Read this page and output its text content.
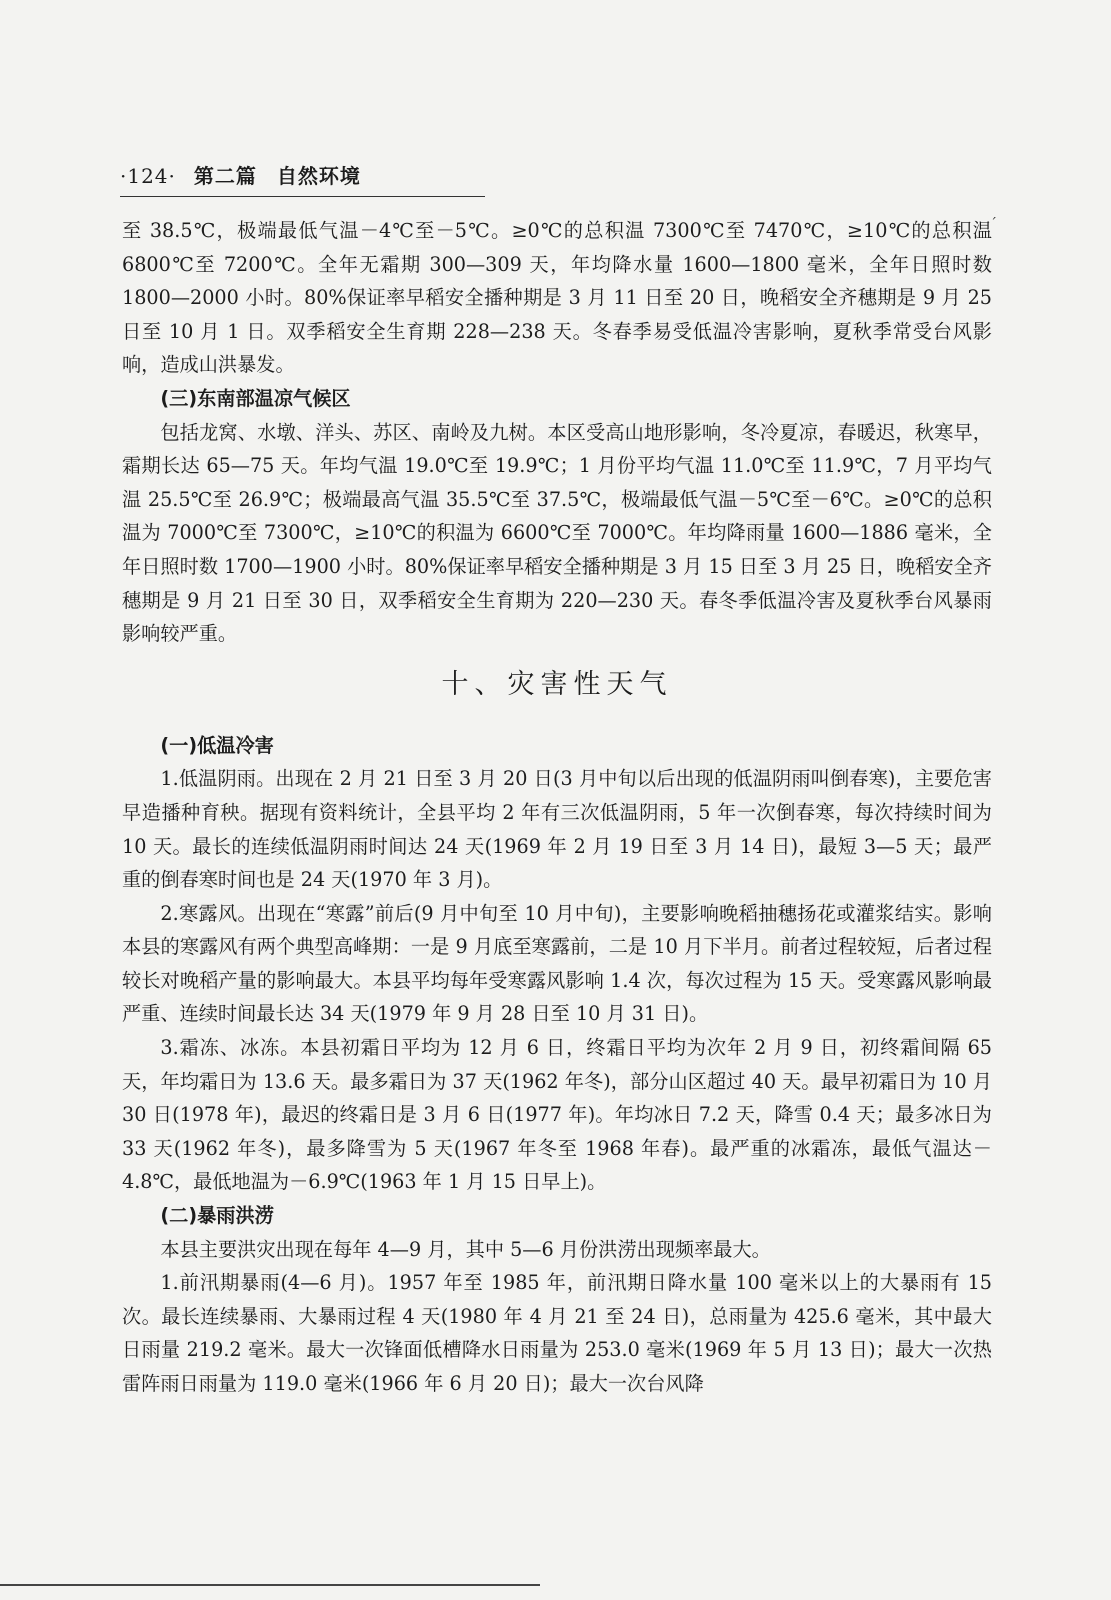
·124· 第二篇 自然环境
ˊ

至 38.5℃，极端最低气温－4℃至－5℃。≥0℃的总积温 7300℃至 7470℃，≥10℃的总积温 6800℃至 7200℃。全年无霜期 300—309 天，年均降水量 1600—1800 毫米，全年日照时数 1800—2000 小时。80%保证率早稻安全播种期是 3 月 11 日至 20 日，晚稻安全齐穗期是 9 月 25 日至 10 月 1 日。双季稻安全生育期 228—238 天。冬春季易受低温冷害影响，夏秋季常受台风影响，造成山洪暴发。

(三)东南部温凉气候区

包括龙窝、水墩、洋头、苏区、南岭及九树。本区受高山地形影响，冬冷夏凉，春暖迟，秋寒早，霜期长达 65—75 天。年均气温 19.0℃至 19.9℃；1 月份平均气温 11.0℃至 11.9℃，7 月平均气温 25.5℃至 26.9℃；极端最高气温 35.5℃至 37.5℃，极端最低气温－5℃至－6℃。≥0℃的总积温为 7000℃至 7300℃，≥10℃的积温为 6600℃至 7000℃。年均降雨量 1600—1886 毫米，全年日照时数 1700—1900 小时。80%保证率早稻安全播种期是 3 月 15 日至 3 月 25 日，晚稻安全齐穗期是 9 月 21 日至 30 日，双季稻安全生育期为 220—230 天。春冬季低温冷害及夏秋季台风暴雨影响较严重。

十、灾害性天气
(一)低温冷害

1.低温阴雨。出现在 2 月 21 日至 3 月 20 日(3 月中旬以后出现的低温阴雨叫倒春寒)，主要危害早造播种育秧。据现有资料统计，全县平均 2 年有三次低温阴雨，5 年一次倒春寒，每次持续时间为 10 天。最长的连续低温阴雨时间达 24 天(1969 年 2 月 19 日至 3 月 14 日)，最短 3—5 天；最严重的倒春寒时间也是 24 天(1970 年 3 月)。

2.寒露风。出现在“寒露”前后(9 月中旬至 10 月中旬)，主要影响晚稻抽穗扬花或灌浆结实。影响本县的寒露风有两个典型高峰期：一是 9 月底至寒露前，二是 10 月下半月。前者过程较短，后者过程较长对晚稻产量的影响最大。本县平均每年受寒露风影响 1.4 次，每次过程为 15 天。受寒露风影响最严重、连续时间最长达 34 天(1979 年 9 月 28 日至 10 月 31 日)。

3.霜冻、冰冻。本县初霜日平均为 12 月 6 日，终霜日平均为次年 2 月 9 日，初终霜间隔 65 天，年均霜日为 13.6 天。最多霜日为 37 天(1962 年冬)，部分山区超过 40 天。最早初霜日为 10 月 30 日(1978 年)，最迟的终霜日是 3 月 6 日(1977 年)。年均冰日 7.2 天，降雪 0.4 天；最多冰日为 33 天(1962 年冬)，最多降雪为 5 天(1967 年冬至 1968 年春)。最严重的冰霜冻，最低气温达－4.8℃，最低地温为－6.9℃(1963 年 1 月 15 日早上)。

(二)暴雨洪涝

本县主要洪灾出现在每年 4—9 月，其中 5—6 月份洪涝出现频率最大。

1.前汛期暴雨(4—6 月)。1957 年至 1985 年，前汛期日降水量 100 毫米以上的大暴雨有 15 次。最长连续暴雨、大暴雨过程 4 天(1980 年 4 月 21 至 24 日)，总雨量为 425.6 毫米，其中最大日雨量 219.2 毫米。最大一次锋面低槽降水日雨量为 253.0 毫米(1969 年 5 月 13 日)；最大一次热雷阵雨日雨量为 119.0 毫米(1966 年 6 月 20 日)；最大一次台风降
